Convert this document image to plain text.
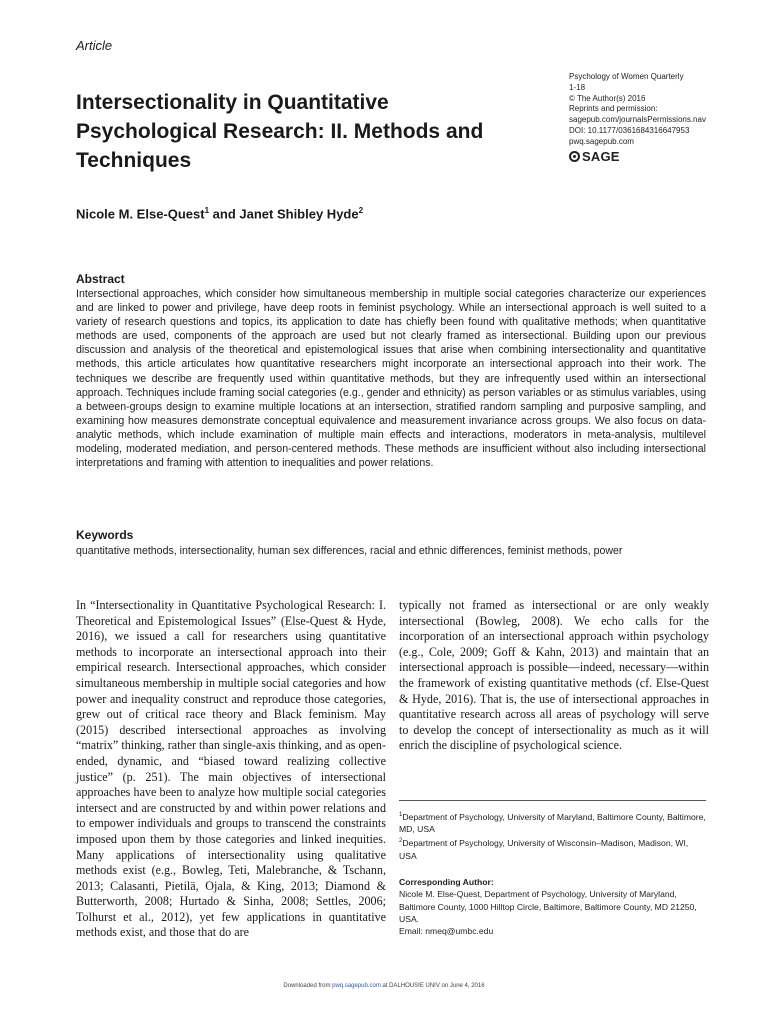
Article
Psychology of Women Quarterly
1-18
© The Author(s) 2016
Reprints and permission:
sagepub.com/journalsPermissions.nav
DOI: 10.1177/0361684316647953
pwq.sagepub.com
SAGE
Intersectionality in Quantitative Psychological Research: II. Methods and Techniques
Nicole M. Else-Quest$^1$ and Janet Shibley Hyde$^2$
Abstract
Intersectional approaches, which consider how simultaneous membership in multiple social categories characterize our experiences and are linked to power and privilege, have deep roots in feminist psychology. While an intersectional approach is well suited to a variety of research questions and topics, its application to date has chiefly been found with qualitative methods; when quantitative methods are used, components of the approach are used but not clearly framed as intersectional. Building upon our previous discussion and analysis of the theoretical and epistemological issues that arise when combining intersectionality and quantitative methods, this article articulates how quantitative researchers might incorporate an intersectional approach into their work. The techniques we describe are frequently used within quantitative methods, but they are infrequently used within an intersectional approach. Techniques include framing social categories (e.g., gender and ethnicity) as person variables or as stimulus variables, using a between-groups design to examine multiple locations at an intersection, stratified random sampling and purposive sampling, and examining how measures demonstrate conceptual equivalence and measurement invariance across groups. We also focus on data-analytic methods, which include examination of multiple main effects and interactions, moderators in meta-analysis, multilevel modeling, moderated mediation, and person-centered methods. These methods are insufficient without also including intersectional interpretations and framing with attention to inequalities and power relations.
Keywords
quantitative methods, intersectionality, human sex differences, racial and ethnic differences, feminist methods, power

In “Intersectionality in Quantitative Psychological Research: I. Theoretical and Epistemological Issues” (Else-Quest & Hyde, 2016), we issued a call for researchers using quantitative methods to incorporate an intersectional approach into their empirical research. Intersectional approaches, which consider simultaneous membership in multiple social categories and how power and inequality construct and reproduce those categories, grew out of critical race theory and Black feminism. May (2015) described intersectional approaches as involving “matrix” thinking, rather than single-axis thinking, and as open-ended, dynamic, and “biased toward realizing collective justice” (p. 251). The main objectives of intersectional approaches have been to analyze how multiple social categories intersect and are constructed by and within power relations and to empower individuals and groups to transcend the constraints imposed upon them by those categories and linked inequities. Many applications of intersectionality using qualitative methods exist (e.g., Bowleg, Teti, Malebranche, & Tschann, 2013; Calasanti, Pietilä, Ojala, & King, 2013; Diamond & Butterworth, 2008; Hurtado & Sinha, 2008; Settles, 2006; Tolhurst et al., 2012), yet few applications in quantitative methods exist, and those that do are

typically not framed as intersectional or are only weakly intersectional (Bowleg, 2008). We echo calls for the incorporation of an intersectional approach within psychology (e.g., Cole, 2009; Goff & Kahn, 2013) and maintain that an intersectional approach is possible—indeed, necessary—within the framework of existing quantitative methods (cf. Else-Quest & Hyde, 2016). That is, the use of intersectional approaches in quantitative research across all areas of psychology will serve to develop the concept of intersectionality as much as it will enrich the discipline of psychological science.

$^1$Department of Psychology, University of Maryland, Baltimore County, Baltimore, MD, USA
$^2$Department of Psychology, University of Wisconsin–Madison, Madison, WI, USA
Corresponding Author:
Nicole M. Else-Quest, Department of Psychology, University of Maryland, Baltimore County, 1000 Hilltop Circle, Baltimore, Baltimore County, MD 21250, USA.
Email: nmeq@umbc.edu
Downloaded from pwq.sagepub.com at DALHOUSIE UNIV on June 4, 2016
